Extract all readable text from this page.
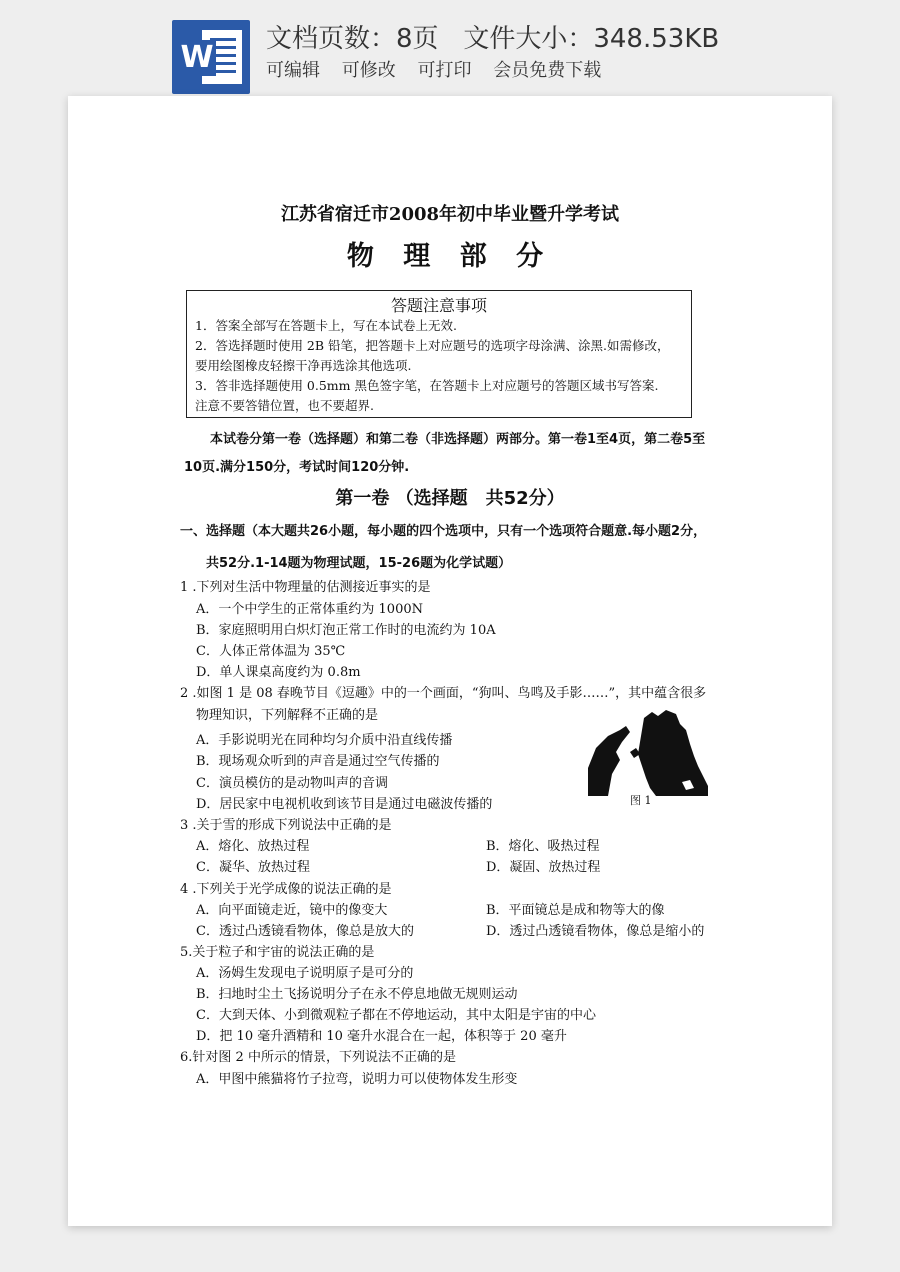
W
文档页数：8页 文件大小：348.53KB
可编辑 可修改 可打印 会员免费下载
江苏省宿迁市2008年初中毕业暨升学考试
物 理 部 分
答题注意事项
1．答案全部写在答题卡上，写在本试卷上无效.
2．答选择题时使用 2B 铅笔，把答题卡上对应题号的选项字母涂满、涂黑.如需修改，
要用绘图橡皮轻擦干净再选涂其他选项.
3．答非选择题使用 0.5mm 黑色签字笔，在答题卡上对应题号的答题区域书写答案.
注意不要答错位置，也不要超界.
本试卷分第一卷（选择题）和第二卷（非选择题）两部分。第一卷1至4页，第二卷5至
10页.满分150分，考试时间120分钟.
第一卷 （选择题　共52分）
一、选择题（本大题共26小题，每小题的四个选项中，只有一个选项符合题意.每小题2分，
共52分.1-14题为物理试题，15-26题为化学试题）
1 .下列对生活中物理量的估测接近事实的是
A．一个中学生的正常体重约为 1000N
B．家庭照明用白炽灯泡正常工作时的电流约为 10A
C．人体正常体温为 35℃
D．单人课桌高度约为 0.8m
2 .如图 1 是 08 春晚节目《逗趣》中的一个画面，“狗叫、鸟鸣及手影……”，其中蕴含很多
物理知识，下列解释不正确的是
A．手影说明光在同种均匀介质中沿直线传播
B．现场观众听到的声音是通过空气传播的
C．演员模仿的是动物叫声的音调
D．居民家中电视机收到该节目是通过电磁波传播的	图 1
3 .关于雪的形成下列说法中正确的是
A．熔化、放热过程	B．熔化、吸热过程
C．凝华、放热过程	D．凝固、放热过程
4 .下列关于光学成像的说法正确的是
A．向平面镜走近，镜中的像变大	B．平面镜总是成和物等大的像
C．透过凸透镜看物体，像总是放大的	D．透过凸透镜看物体，像总是缩小的
5.关于粒子和宇宙的说法正确的是
A．汤姆生发现电子说明原子是可分的
B．扫地时尘土飞扬说明分子在永不停息地做无规则运动
C．大到天体、小到微观粒子都在不停地运动，其中太阳是宇宙的中心
D．把 10 毫升酒精和 10 毫升水混合在一起，体积等于 20 毫升
6.针对图 2 中所示的情景，下列说法不正确的是
A．甲图中熊猫将竹子拉弯，说明力可以使物体发生形变
